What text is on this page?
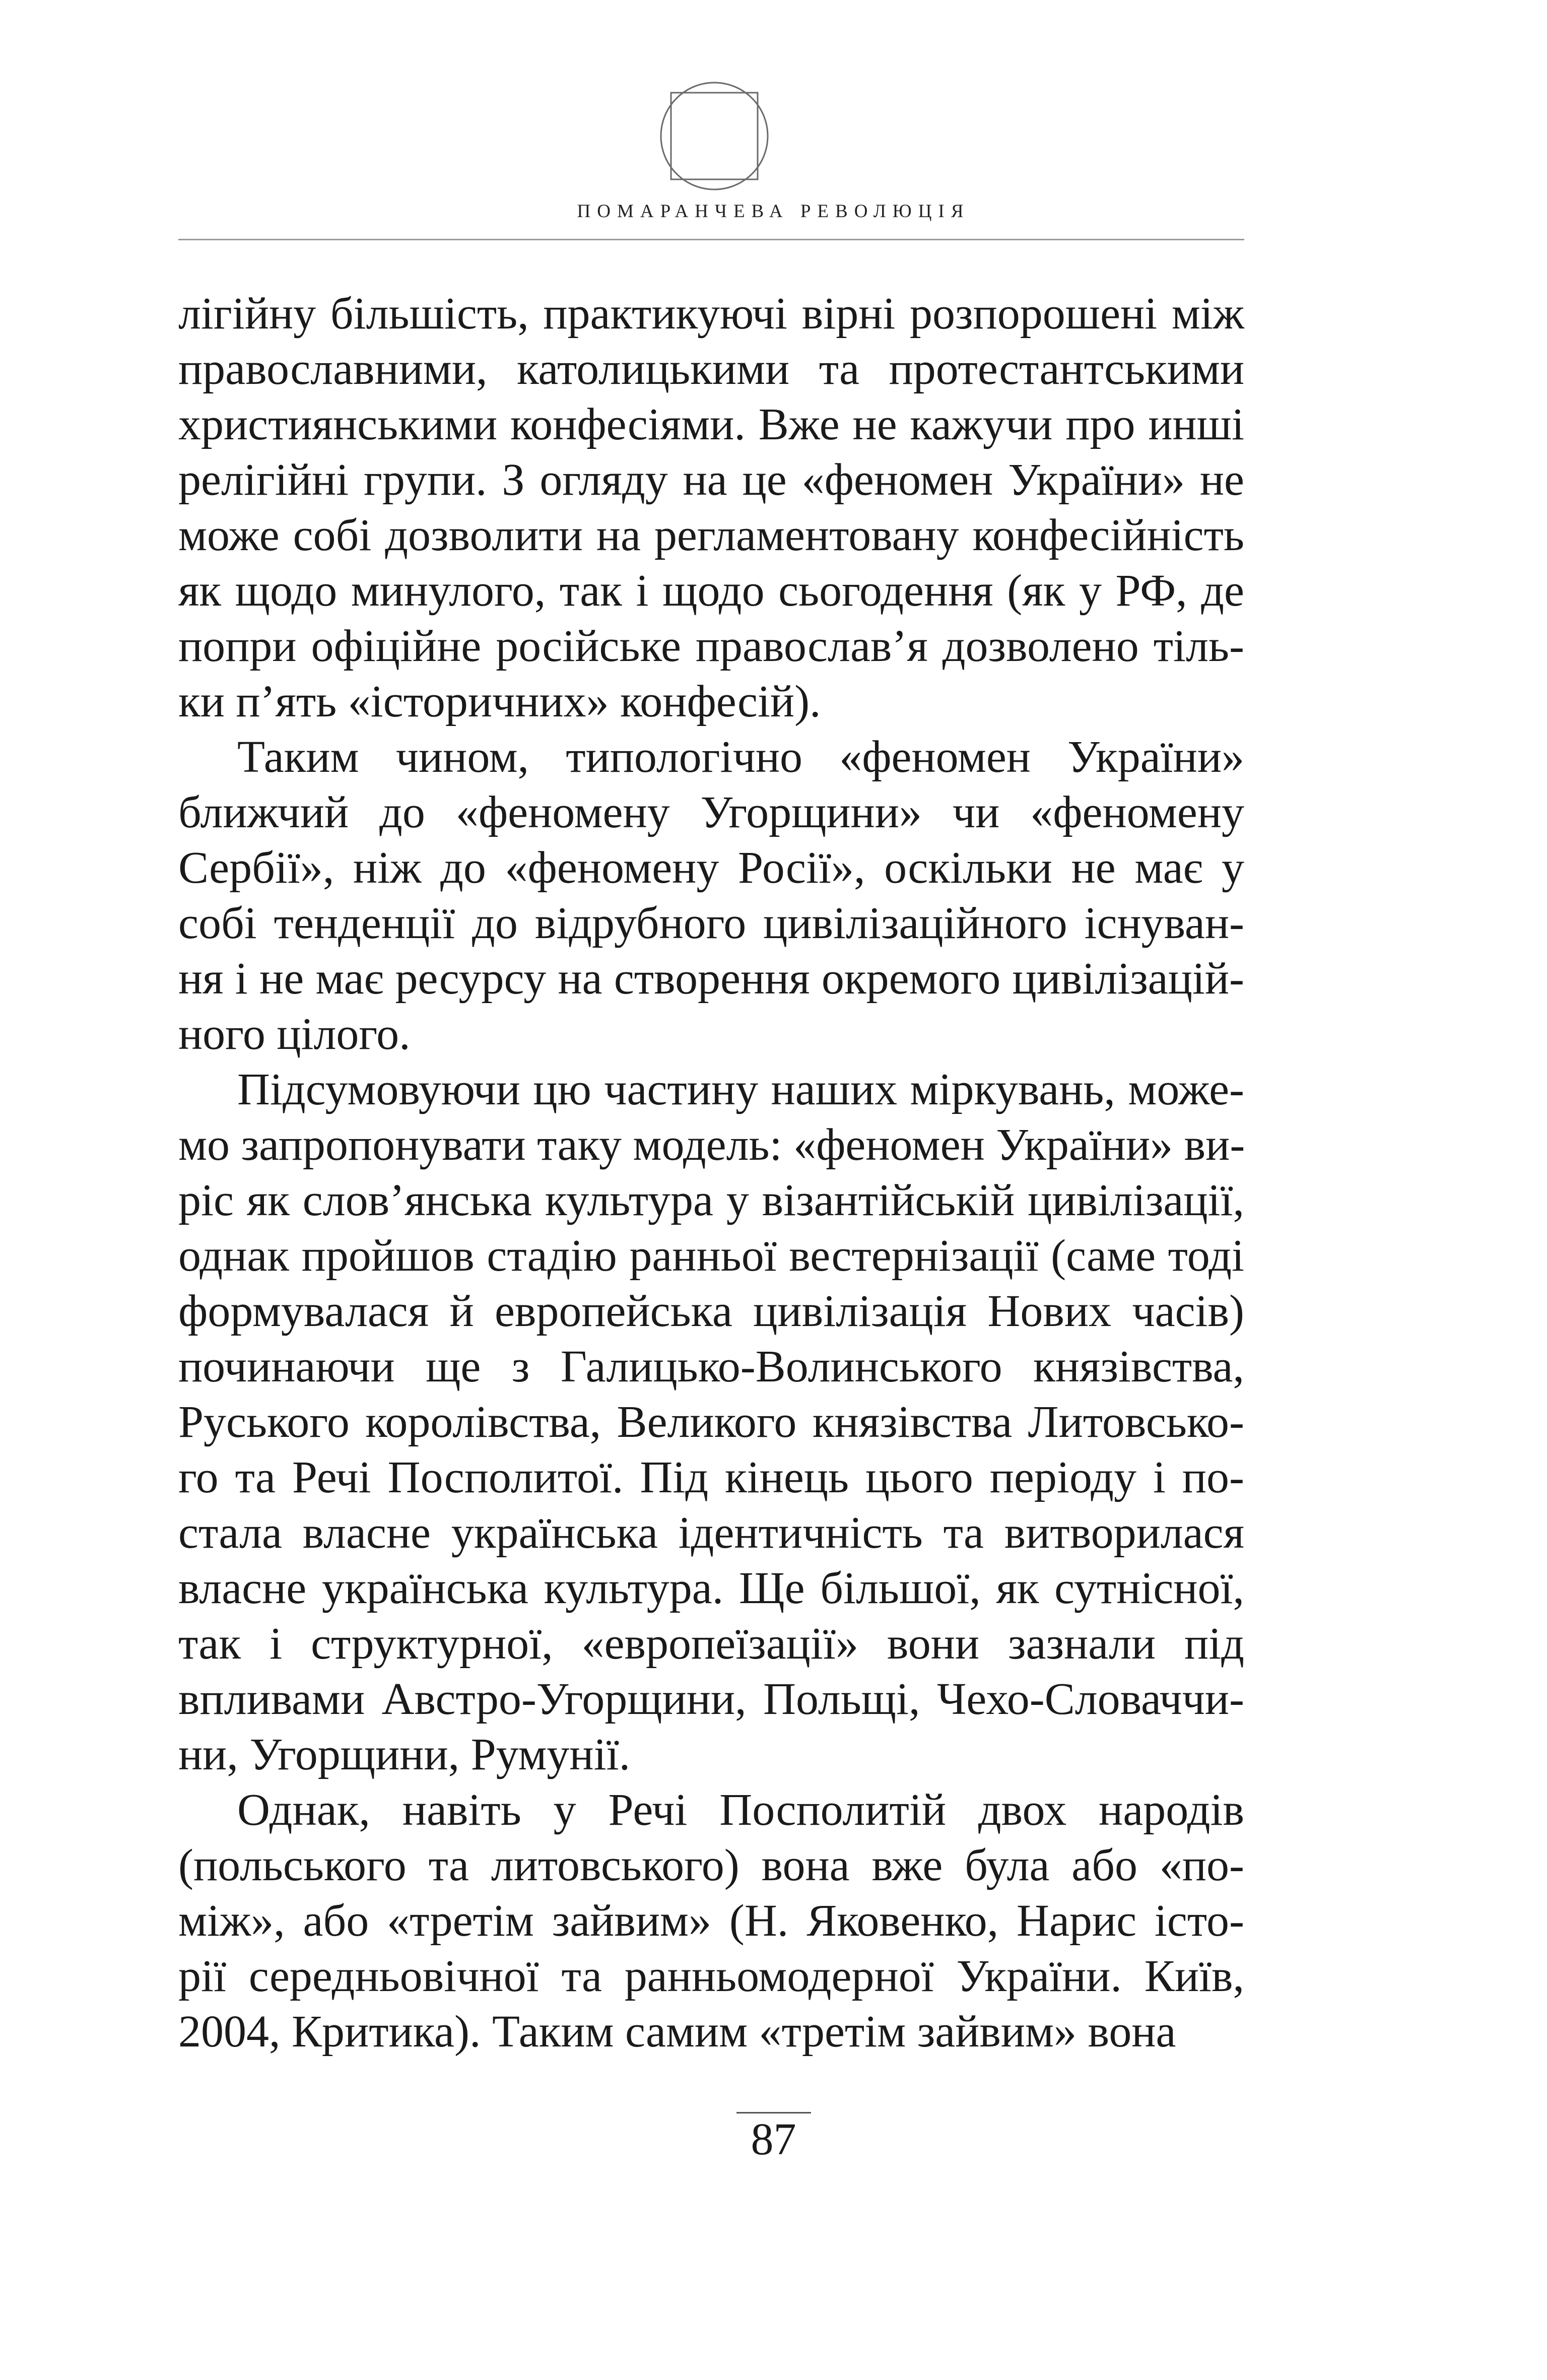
ПОМАРАНЧЕВА РЕВОЛЮЦІЯ
лігійну більшість, практикуючі вірні розпорошені між
православними, католицькими та протестантськими
християнськими конфесіями. Вже не кажучи про инші
релігійні групи. З огляду на це «феномен України» не
може собі дозволити на регламентовану конфесійність
як щодо минулого, так і щодо сьогодення (як у РФ, де
попри офіційне російське православ’я дозволено тіль-
ки п’ять «історичних» конфесій).
Таким чином, типологічно «феномен України»
ближчий до «феномену Угорщини» чи «феномену
Сербії», ніж до «феномену Росії», оскільки не має у
собі тенденції до відрубного цивілізаційного існуван-
ня і не має ресурсу на створення окремого цивілізацій-
ного цілого.
Підсумовуючи цю частину наших міркувань, може-
мо запропонувати таку модель: «феномен України» ви-
ріс як слов’янська культура у візантійській цивілізації,
однак пройшов стадію ранньої вестернізації (саме тоді
формувалася й европейська цивілізація Нових часів)
починаючи ще з Галицько-Волинського князівства,
Руського королівства, Великого князівства Литовсько-
го та Речі Посполитої. Під кінець цього періоду і по-
стала власне українська ідентичність та витворилася
власне українська культура. Ще більшої, як сутнісної,
так і структурної, «европеїзації» вони зазнали під
впливами Австро-Угорщини, Польщі, Чехо-Словаччи-
ни, Угорщини, Румунії.
Однак, навіть у Речі Посполитій двох народів
(польського та литовського) вона вже була або «по-
між», або «третім зайвим» (Н. Яковенко, Нарис істо-
рії середньовічної та ранньомодерної України. Київ,
2004, Критика). Таким самим «третім зайвим» вона
87
